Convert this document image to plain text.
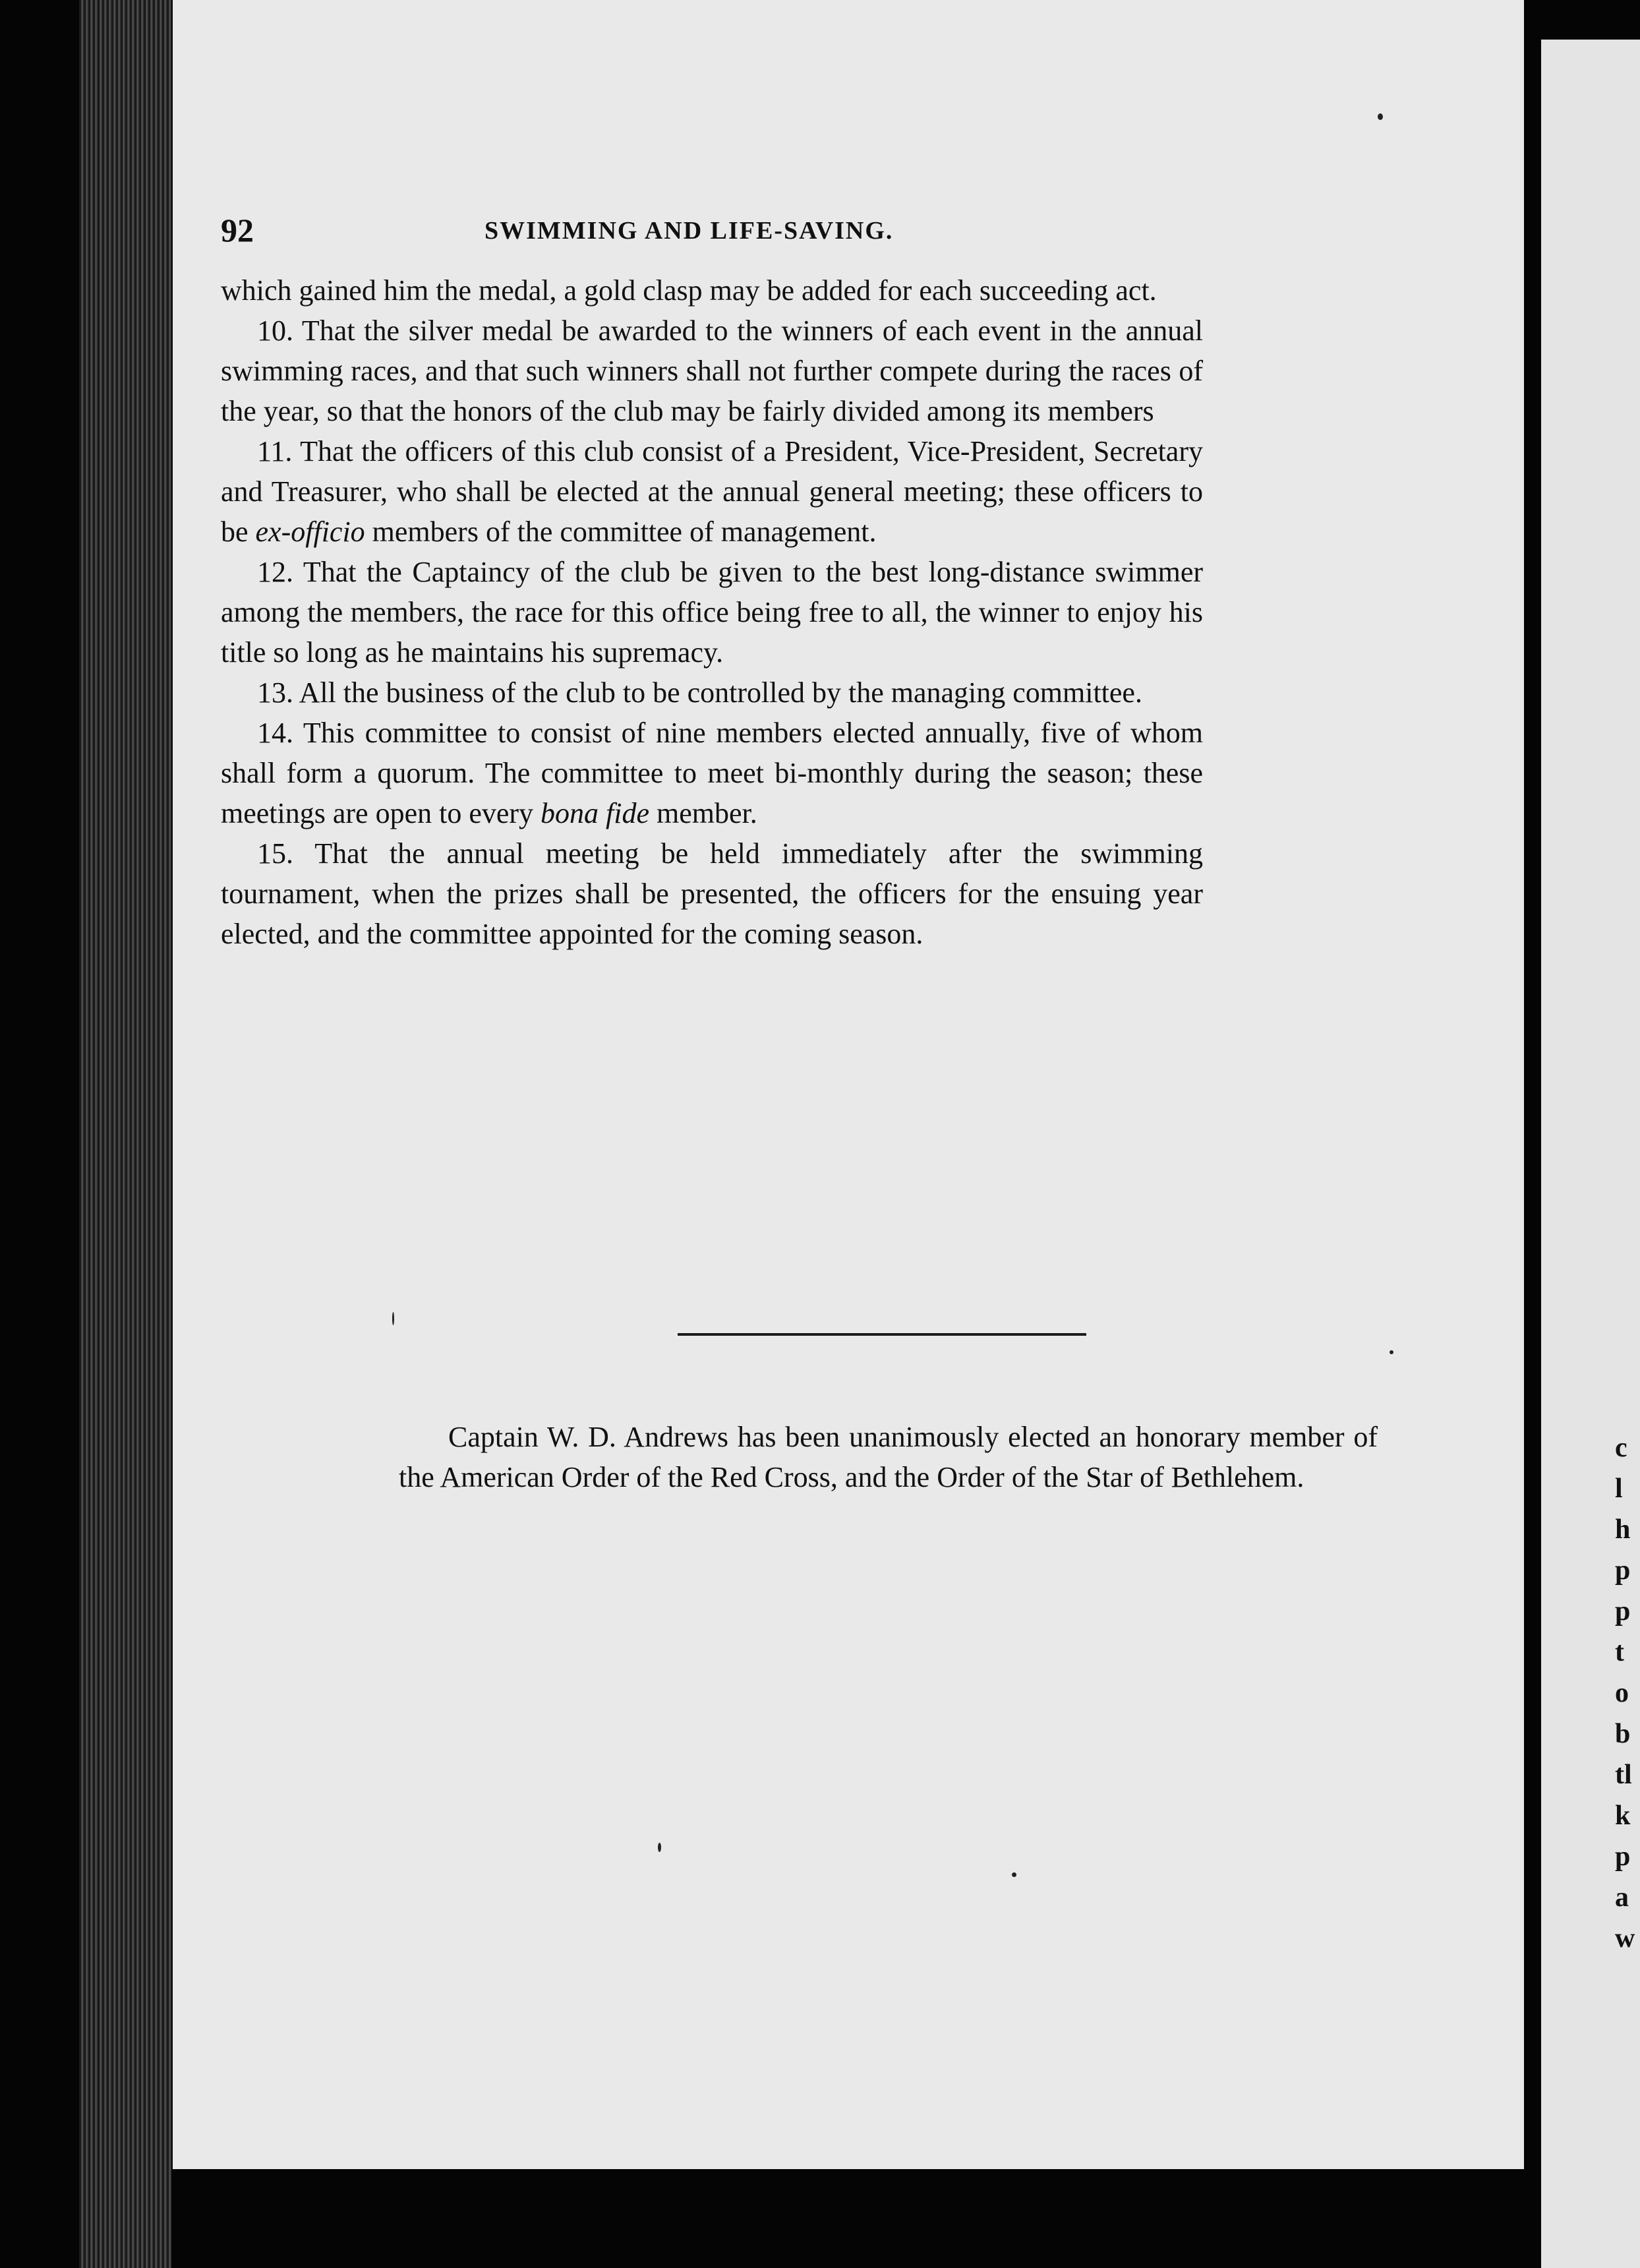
92	SWIMMING AND LIFE-SAVING.

which gained him the medal, a gold clasp may be added for each succeeding act.

10. That the silver medal be awarded to the winners of each event in the annual swimming races, and that such winners shall not further compete during the races of the year, so that the honors of the club may be fairly divided among its members

11. That the officers of this club consist of a President, Vice-President, Secretary and Treasurer, who shall be elected at the annual general meeting; these officers to be ex-officio members of the committee of management.

12. That the Captaincy of the club be given to the best long-distance swimmer among the members, the race for this office being free to all, the winner to enjoy his title so long as he maintains his supremacy.

13. All the business of the club to be controlled by the managing committee.

14. This committee to consist of nine members elected annually, five of whom shall form a quorum. The committee to meet bi-monthly during the season; these meetings are open to every bona fide member.

15. That the annual meeting be held immediately after the swimming tournament, when the prizes shall be presented, the officers for the ensuing year elected, and the committee appointed for the coming season.

Captain W. D. Andrews has been unanimously elected an honorary member of the American Order of the Red Cross, and the Order of the Star of Bethlehem.

c
l
h
p
p
t
o
b
tl
k
p
a
w
